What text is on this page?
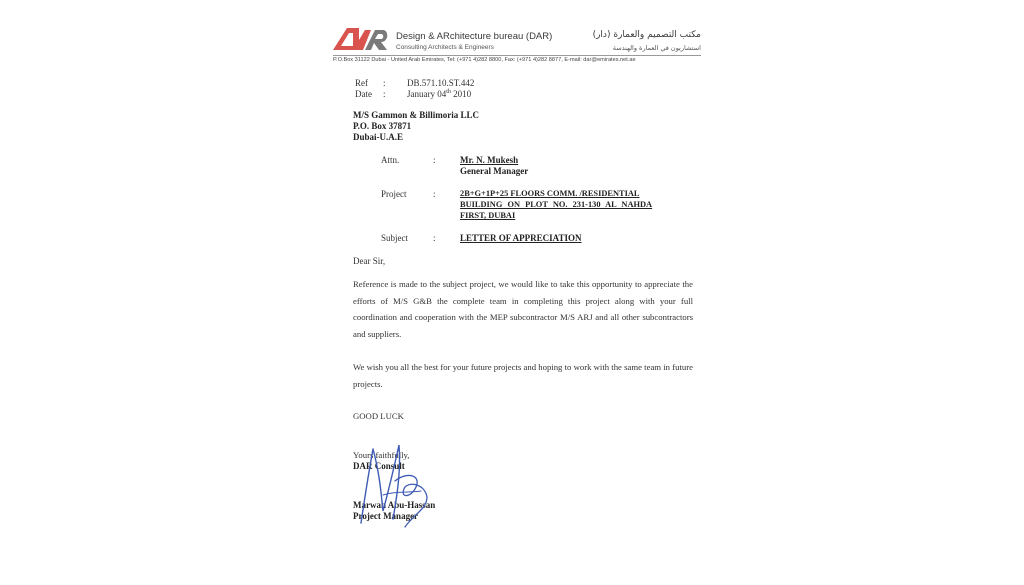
Design & ARchitecture bureau (DAR)
Consulting Architects & Engineers
مكتب التصميم والعمارة (دار)
استشاريون في العمارة والهندسة
P.O.Box 31122 Dubai - United Arab Emirates, Tel: (+971 4)282 8800, Fax: (+971 4)282 8877, E-mail: dar@emirates.net.ae
Ref : DB.571.10.ST.442
Date : January 04th 2010
M/S Gammon & Billimoria LLC
P.O. Box 37871
Dubai-U.A.E
Attn.	:	Mr. N. Mukesh
General Manager
Project	:	2B+G+1P+25 FLOORS COMM. /RESIDENTIAL
BUILDING ON PLOT NO. 231-130 AL NAHDA
FIRST, DUBAI
Subject	:	LETTER OF APPRECIATION
Dear Sir,
Reference is made to the subject project, we would like to take this opportunity to appreciate the efforts of M/S G&B the complete team in completing this project along with your full coordination and cooperation with the MEP subcontractor M/S ARJ and all other subcontractors and suppliers.
We wish you all the best for your future projects and hoping to work with the same team in future projects.
GOOD LUCK
Yours faithfully,
DAR Consult
Marwan Abu-Hassan
Project Manager
